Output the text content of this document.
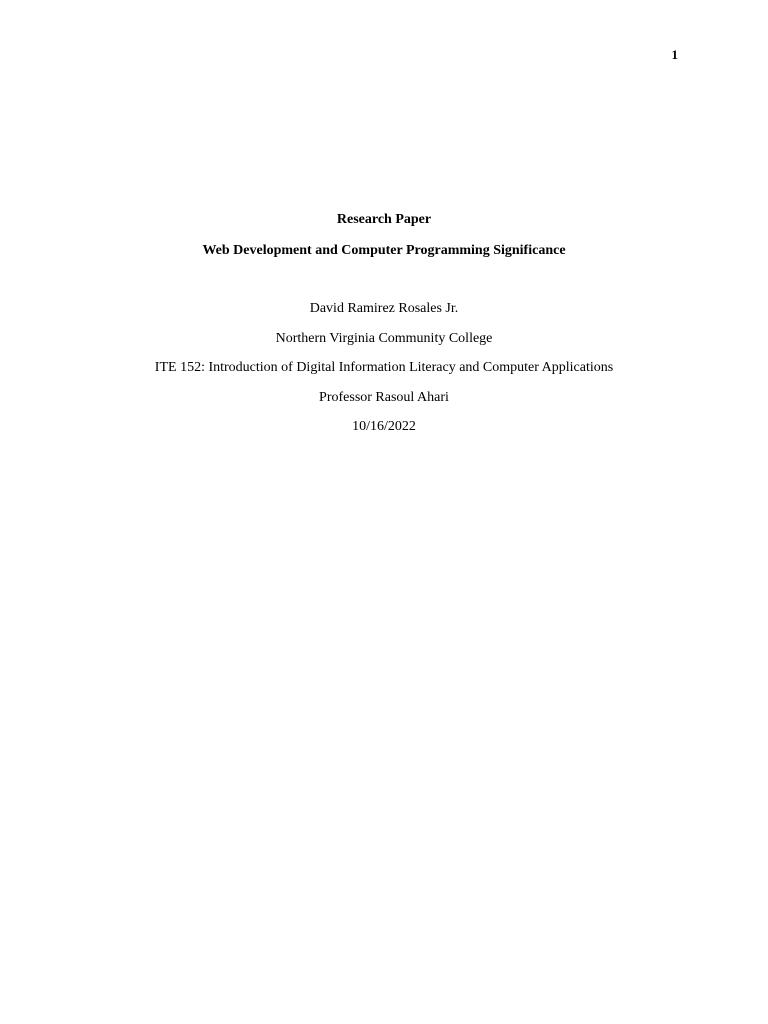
1
Research Paper
Web Development and Computer Programming Significance
David Ramirez Rosales Jr.
Northern Virginia Community College
ITE 152: Introduction of Digital Information Literacy and Computer Applications
Professor Rasoul Ahari
10/16/2022
